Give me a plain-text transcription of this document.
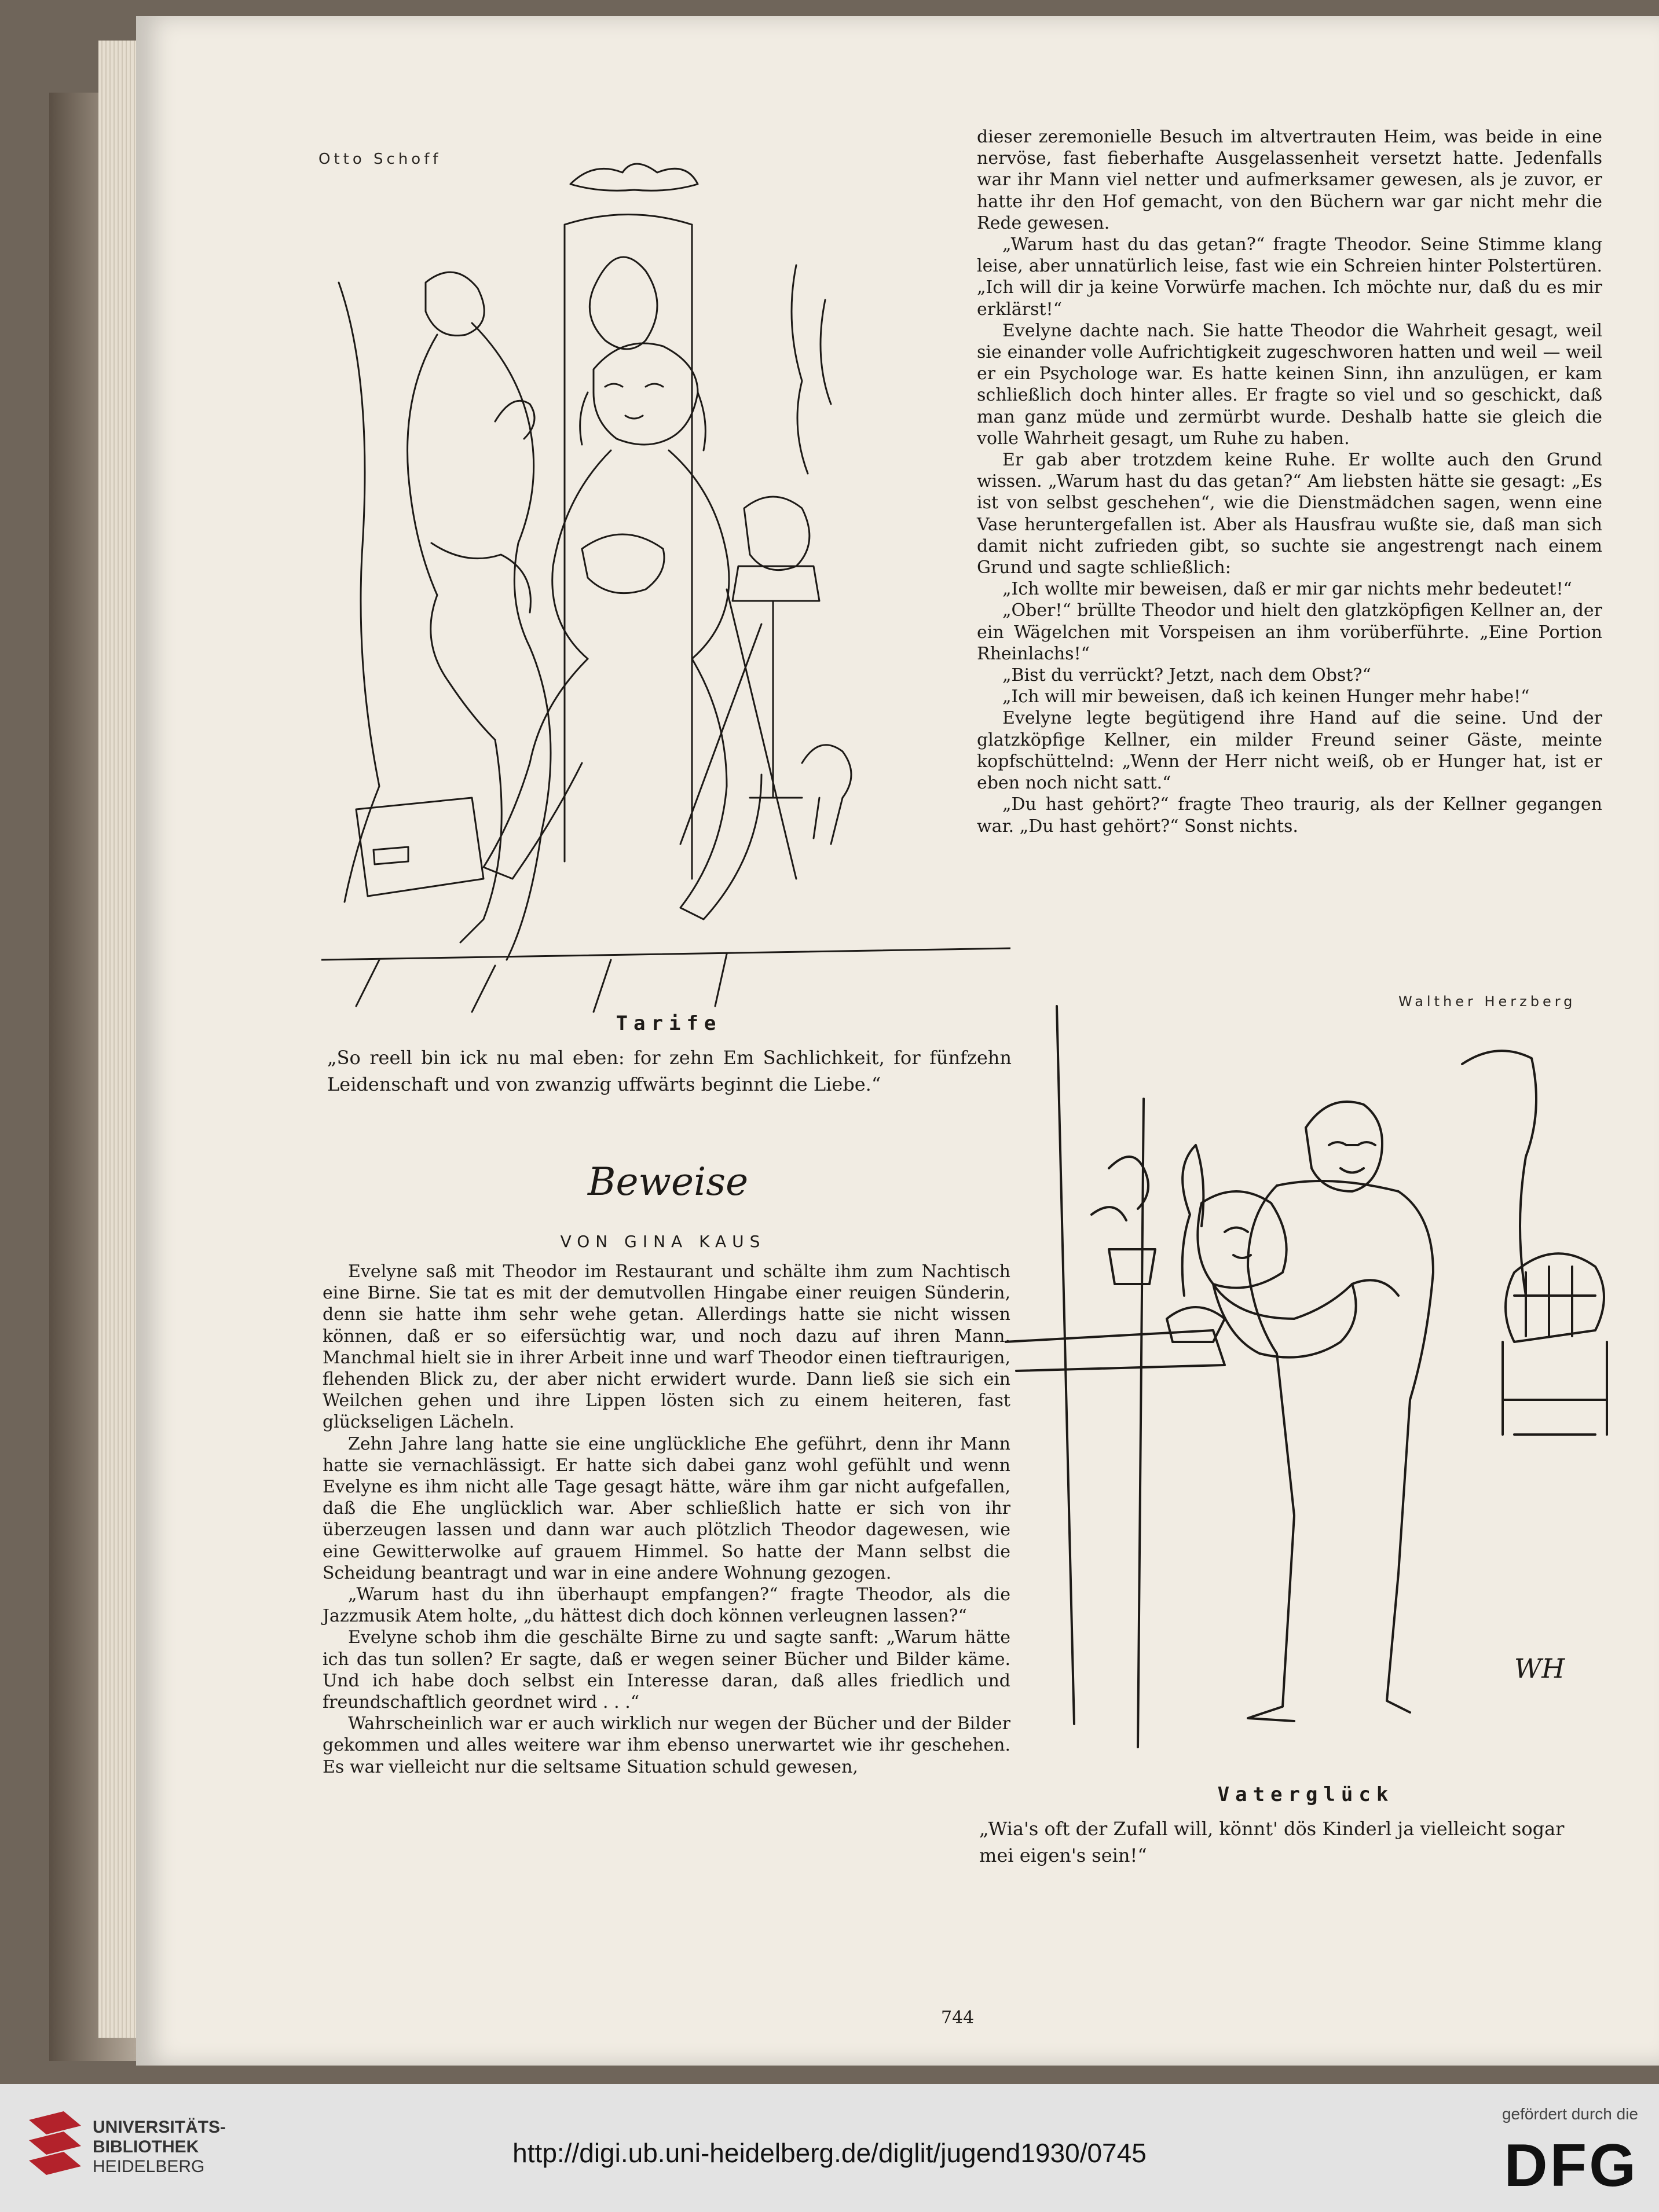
Otto Schoff
Tarife
„So reell bin ick nu mal eben: for zehn Em Sachlichkeit, for fünfzehn Leidenschaft und von zwanzig uffwärts beginnt die Liebe.“
Beweise
VON GINA KAUS

Evelyne saß mit Theodor im Restaurant und schälte ihm zum Nachtisch eine Birne. Sie tat es mit der demutvollen Hingabe einer reuigen Sünderin, denn sie hatte ihm sehr wehe getan. Allerdings hatte sie nicht wissen können, daß er so eifersüchtig war, und noch dazu auf ihren Mann. Manchmal hielt sie in ihrer Arbeit inne und warf Theodor einen tieftraurigen, flehenden Blick zu, der aber nicht erwidert wurde. Dann ließ sie sich ein Weilchen gehen und ihre Lippen lösten sich zu einem heiteren, fast glückseligen Lächeln.

Zehn Jahre lang hatte sie eine unglückliche Ehe geführt, denn ihr Mann hatte sie vernachlässigt. Er hatte sich dabei ganz wohl gefühlt und wenn Evelyne es ihm nicht alle Tage gesagt hätte, wäre ihm gar nicht aufgefallen, daß die Ehe unglücklich war. Aber schließlich hatte er sich von ihr überzeugen lassen und dann war auch plötzlich Theodor dagewesen, wie eine Gewitterwolke auf grauem Himmel. So hatte der Mann selbst die Scheidung beantragt und war in eine andere Wohnung gezogen.

„Warum hast du ihn überhaupt empfangen?“ fragte Theodor, als die Jazzmusik Atem holte, „du hättest dich doch können verleugnen lassen?“

Evelyne schob ihm die geschälte Birne zu und sagte sanft: „Warum hätte ich das tun sollen? Er sagte, daß er wegen seiner Bücher und Bilder käme. Und ich habe doch selbst ein Interesse daran, daß alles friedlich und freundschaftlich geordnet wird . . .“

Wahrscheinlich war er auch wirklich nur wegen der Bücher und der Bilder gekommen und alles weitere war ihm ebenso unerwartet wie ihr geschehen. Es war vielleicht nur die seltsame Situation schuld gewesen,

dieser zeremonielle Besuch im altvertrauten Heim, was beide in eine nervöse, fast fieberhafte Ausgelassenheit versetzt hatte. Jedenfalls war ihr Mann viel netter und aufmerksamer gewesen, als je zuvor, er hatte ihr den Hof gemacht, von den Büchern war gar nicht mehr die Rede gewesen.

„Warum hast du das getan?“ fragte Theodor. Seine Stimme klang leise, aber unnatürlich leise, fast wie ein Schreien hinter Polstertüren. „Ich will dir ja keine Vorwürfe machen. Ich möchte nur, daß du es mir erklärst!“

Evelyne dachte nach. Sie hatte Theodor die Wahrheit gesagt, weil sie einander volle Aufrichtigkeit zugeschworen hatten und weil — weil er ein Psychologe war. Es hatte keinen Sinn, ihn anzulügen, er kam schließlich doch hinter alles. Er fragte so viel und so geschickt, daß man ganz müde und zermürbt wurde. Deshalb hatte sie gleich die volle Wahrheit gesagt, um Ruhe zu haben.

Er gab aber trotzdem keine Ruhe. Er wollte auch den Grund wissen. „Warum hast du das getan?“ Am liebsten hätte sie gesagt: „Es ist von selbst geschehen“, wie die Dienstmädchen sagen, wenn eine Vase heruntergefallen ist. Aber als Hausfrau wußte sie, daß man sich damit nicht zufrieden gibt, so suchte sie angestrengt nach einem Grund und sagte schließlich:

„Ich wollte mir beweisen, daß er mir gar nichts mehr bedeutet!“

„Ober!“ brüllte Theodor und hielt den glatzköpfigen Kellner an, der ein Wägelchen mit Vorspeisen an ihm vorüberführte. „Eine Portion Rheinlachs!“

„Bist du verrückt? Jetzt, nach dem Obst?“

„Ich will mir beweisen, daß ich keinen Hunger mehr habe!“

Evelyne legte begütigend ihre Hand auf die seine. Und der glatzköpfige Kellner, ein milder Freund seiner Gäste, meinte kopfschüttelnd: „Wenn der Herr nicht weiß, ob er Hunger hat, ist er eben noch nicht satt.“

„Du hast gehört?“ fragte Theo traurig, als der Kellner gegangen war. „Du hast gehört?“ Sonst nichts.

Walther Herzberg
WH
Vaterglück
„Wia's oft der Zufall will, könnt' dös Kinderl ja vielleicht sogar mei eigen's sein!“
744
UNIVERSITÄTS-
BIBLIOTHEK
HEIDELBERG	http://digi.ub.uni-heidelberg.de/diglit/jugend1930/0745
gefördert durch die
DFG
